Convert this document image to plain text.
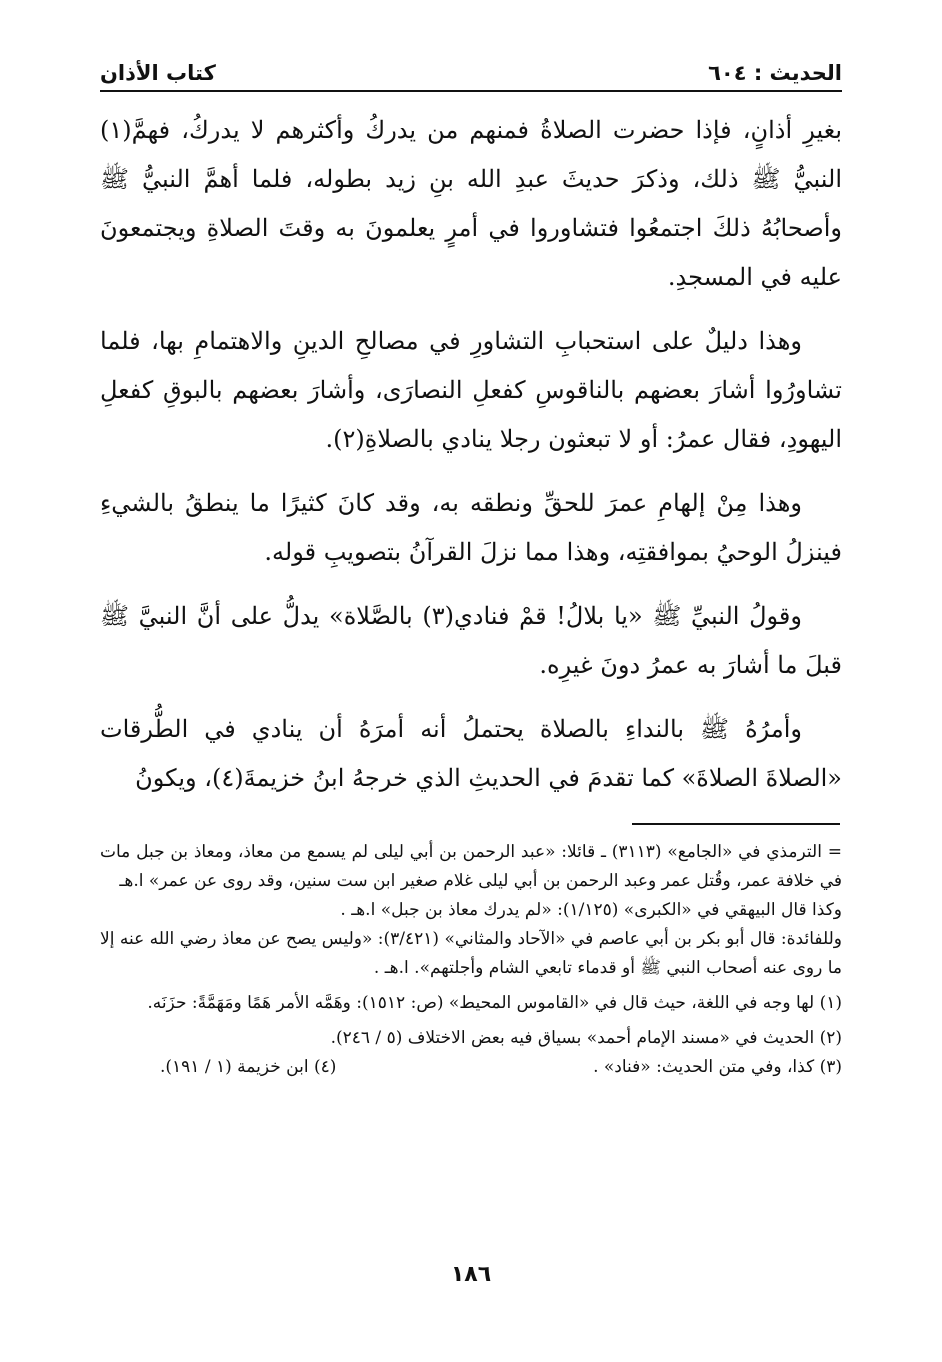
الحديث : ٦٠٤
كتاب الأذان

بغيرِ أذانٍ، فإذا حضرت الصلاةُ فمنهم من يدركُ وأكثرهم لا يدركُ، فهمَّ(١) النبيُّ ﷺ ذلك، وذكرَ حديثَ عبدِ الله بنِ زيد بطوله، فلما أهمَّ النبيُّ ﷺ وأصحابُهُ ذلكَ اجتمعُوا فتشاوروا في أمرٍ يعلمونَ به وقتَ الصلاةِ ويجتمعونَ عليه في المسجدِ.

وهذا دليلٌ على استحبابِ التشاورِ في مصالحِ الدينِ والاهتمامِ بها، فلما تشاورُوا أشارَ بعضهم بالناقوسِ كفعلِ النصارَى، وأشارَ بعضهم بالبوقِ كفعلِ اليهودِ، فقال عمرُ: أو لا تبعثون رجلا ينادي بالصلاةِ(٢).

وهذا مِنْ إلهامِ عمرَ للحقِّ ونطقه به، وقد كانَ كثيرًا ما ينطقُ بالشيءِ فينزلُ الوحيُ بموافقتِه، وهذا مما نزلَ القرآنُ بتصويبِ قوله.

وقولُ النبيِّ ﷺ «يا بلالُ! قمْ فنادي(٣) بالصَّلاة» يدلُّ على أنَّ النبيَّ ﷺ قبلَ ما أشارَ به عمرُ دونَ غيرِه.

وأمرُهُ ﷺ بالنداءِ بالصلاة يحتملُ أنه أمرَهُ أن ينادي في الطُّرقات «الصلاةَ الصلاةَ» كما تقدمَ في الحديثِ الذي خرجهُ ابنُ خزيمةَ(٤)، ويكونُ

= الترمذي في «الجامع» (٣١١٣) ـ قائلا: «عبد الرحمن بن أبي ليلى لم يسمع من معاذ، ومعاذ بن جبل مات في خلافة عمر، وقُتل عمر وعبد الرحمن بن أبي ليلى غلام صغير ابن ست سنين، وقد روى عن عمر» ا.هـ

وكذا قال البيهقي في «الكبرى» (١/١٢٥): «لم يدرك معاذ بن جبل» ا.هـ .

وللفائدة: قال أبو بكر بن أبي عاصم في «الآحاد والمثاني» (٣/٤٢١): «وليس يصح عن معاذ رضي الله عنه إلا ما روى عنه أصحاب النبي ﷺ أو قدماء تابعي الشام وأجلتهم». ا.هـ .

(١) لها وجه في اللغة، حيث قال في «القاموس المحيط» (ص: ١٥١٢): وهَمَّه الأمر هَمًا ومَهَمَّةً: حزَنَه.

(٢) الحديث في «مسند الإمام أحمد» بسياق فيه بعض الاختلاف (٥ / ٢٤٦).

(٣) كذا، وفي متن الحديث: «فناد» .
(٤) ابن خزيمة (١ / ١٩١).
١٨٦
